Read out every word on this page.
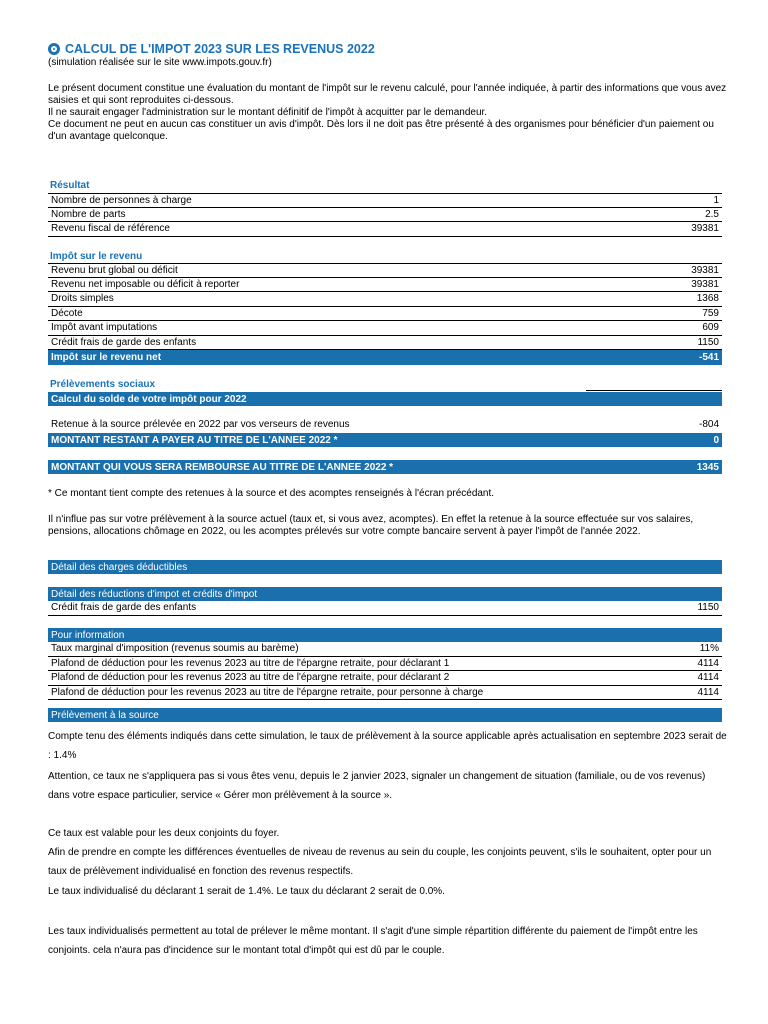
CALCUL DE L'IMPOT 2023 SUR LES REVENUS 2022
(simulation réalisée sur le site www.impots.gouv.fr)

Le présent document constitue une évaluation du montant de l'impôt sur le revenu calculé, pour l'année indiquée, à partir des informations que vous avez saisies et qui sont reproduites ci-dessous.

Il ne saurait engager l'administration sur le montant définitif de l'impôt à acquitter par le demandeur.

Ce document ne peut en aucun cas constituer un avis d'impôt. Dès lors il ne doit pas être présenté à des organismes pour bénéficier d'un paiement ou d'un avantage quelconque.

Résultat
Nombre de personnes à charge	1
Nombre de parts	2.5
Revenu fiscal de référence	39381
Impôt sur le revenu
Revenu brut global ou déficit	39381
Revenu net imposable ou déficit à reporter	39381
Droits simples	1368
Décote	759
Impôt avant imputations	609
Crédit frais de garde des enfants	1150
Impôt sur le revenu net	-541
Prélèvements sociaux
Calcul du solde de votre impôt pour 2022
Retenue à la source prélevée en 2022 par vos verseurs de revenus	-804
MONTANT RESTANT A PAYER AU TITRE DE L'ANNEE 2022 *	0
MONTANT QUI VOUS SERA REMBOURSE AU TITRE DE L'ANNEE 2022 *	1345
* Ce montant tient compte des retenues à la source et des acomptes renseignés à l'écran précédant.
Il n'influe pas sur votre prélèvement à la source actuel (taux et, si vous avez, acomptes). En effet la retenue à la source effectuée sur vos salaires, pensions, allocations chômage en 2022, ou les acomptes prélevés sur votre compte bancaire servent à payer l'impôt de l'année 2022.
Détail des charges déductibles
Détail des réductions d'impot et crédits d'impot
Crédit frais de garde des enfants	1150
Pour information
Taux marginal d'imposition (revenus soumis au barème)	11%
Plafond de déduction pour les revenus 2023 au titre de l'épargne retraite, pour déclarant 1	4114
Plafond de déduction pour les revenus 2023 au titre de l'épargne retraite, pour déclarant 2	4114
Plafond de déduction pour les revenus 2023 au titre de l'épargne retraite, pour personne à charge	4114
Prélèvement à la source
Compte tenu des éléments indiqués dans cette simulation, le taux de prélèvement à la source applicable après actualisation en septembre 2023 serait de : 1.4%
Attention, ce taux ne s'appliquera pas si vous êtes venu, depuis le 2 janvier 2023, signaler un changement de situation (familiale, ou de vos revenus) dans votre espace particulier, service « Gérer mon prélèvement à la source ».
Ce taux est valable pour les deux conjoints du foyer.
Afin de prendre en compte les différences éventuelles de niveau de revenus au sein du couple, les conjoints peuvent, s'ils le souhaitent, opter pour un taux de prélèvement individualisé en fonction des revenus respectifs.
Le taux individualisé du déclarant 1 serait de 1.4%. Le taux du déclarant 2 serait de 0.0%.
Les taux individualisés permettent au total de prélever le même montant. Il s'agit d'une simple répartition différente du paiement de l'impôt entre les conjoints. cela n'aura pas d'incidence sur le montant total d'impôt qui est dû par le couple.
